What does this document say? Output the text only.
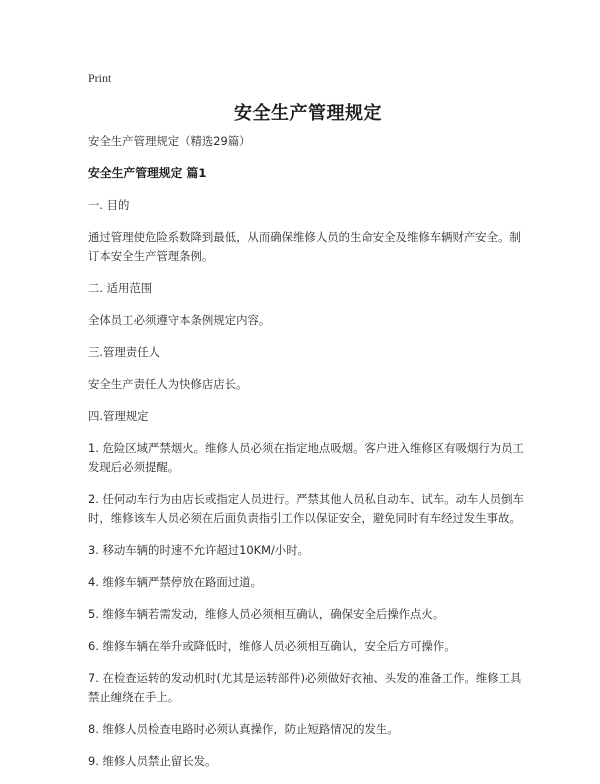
Print
安全生产管理规定

安全生产管理规定（精选29篇）

安全生产管理规定 篇1

一. 目的

通过管理使危险系数降到最低，从而确保维修人员的生命安全及维修车辆财产安全。制订本安全生产管理条例。

二. 适用范围

全体员工必须遵守本条例规定内容。

三.管理责任人

安全生产责任人为快修店店长。

四.管理规定

1. 危险区域严禁烟火。维修人员必须在指定地点吸烟。客户进入维修区有吸烟行为员工发现后必须提醒。

2. 任何动车行为由店长或指定人员进行。严禁其他人员私自动车、试车。动车人员倒车时，维修该车人员必须在后面负责指引工作以保证安全，避免同时有车经过发生事故。

3. 移动车辆的时速不允许超过10KM/小时。

4. 维修车辆严禁停放在路面过道。

5. 维修车辆若需发动，维修人员必须相互确认，确保安全后操作点火。

6. 维修车辆在举升或降低时，维修人员必须相互确认，安全后方可操作。

7. 在检查运转的发动机时(尤其是运转部件)必须做好衣袖、头发的准备工作。维修工具禁止缠绕在手上。

8. 维修人员检查电路时必须认真操作，防止短路情况的发生。

9. 维修人员禁止留长发。
